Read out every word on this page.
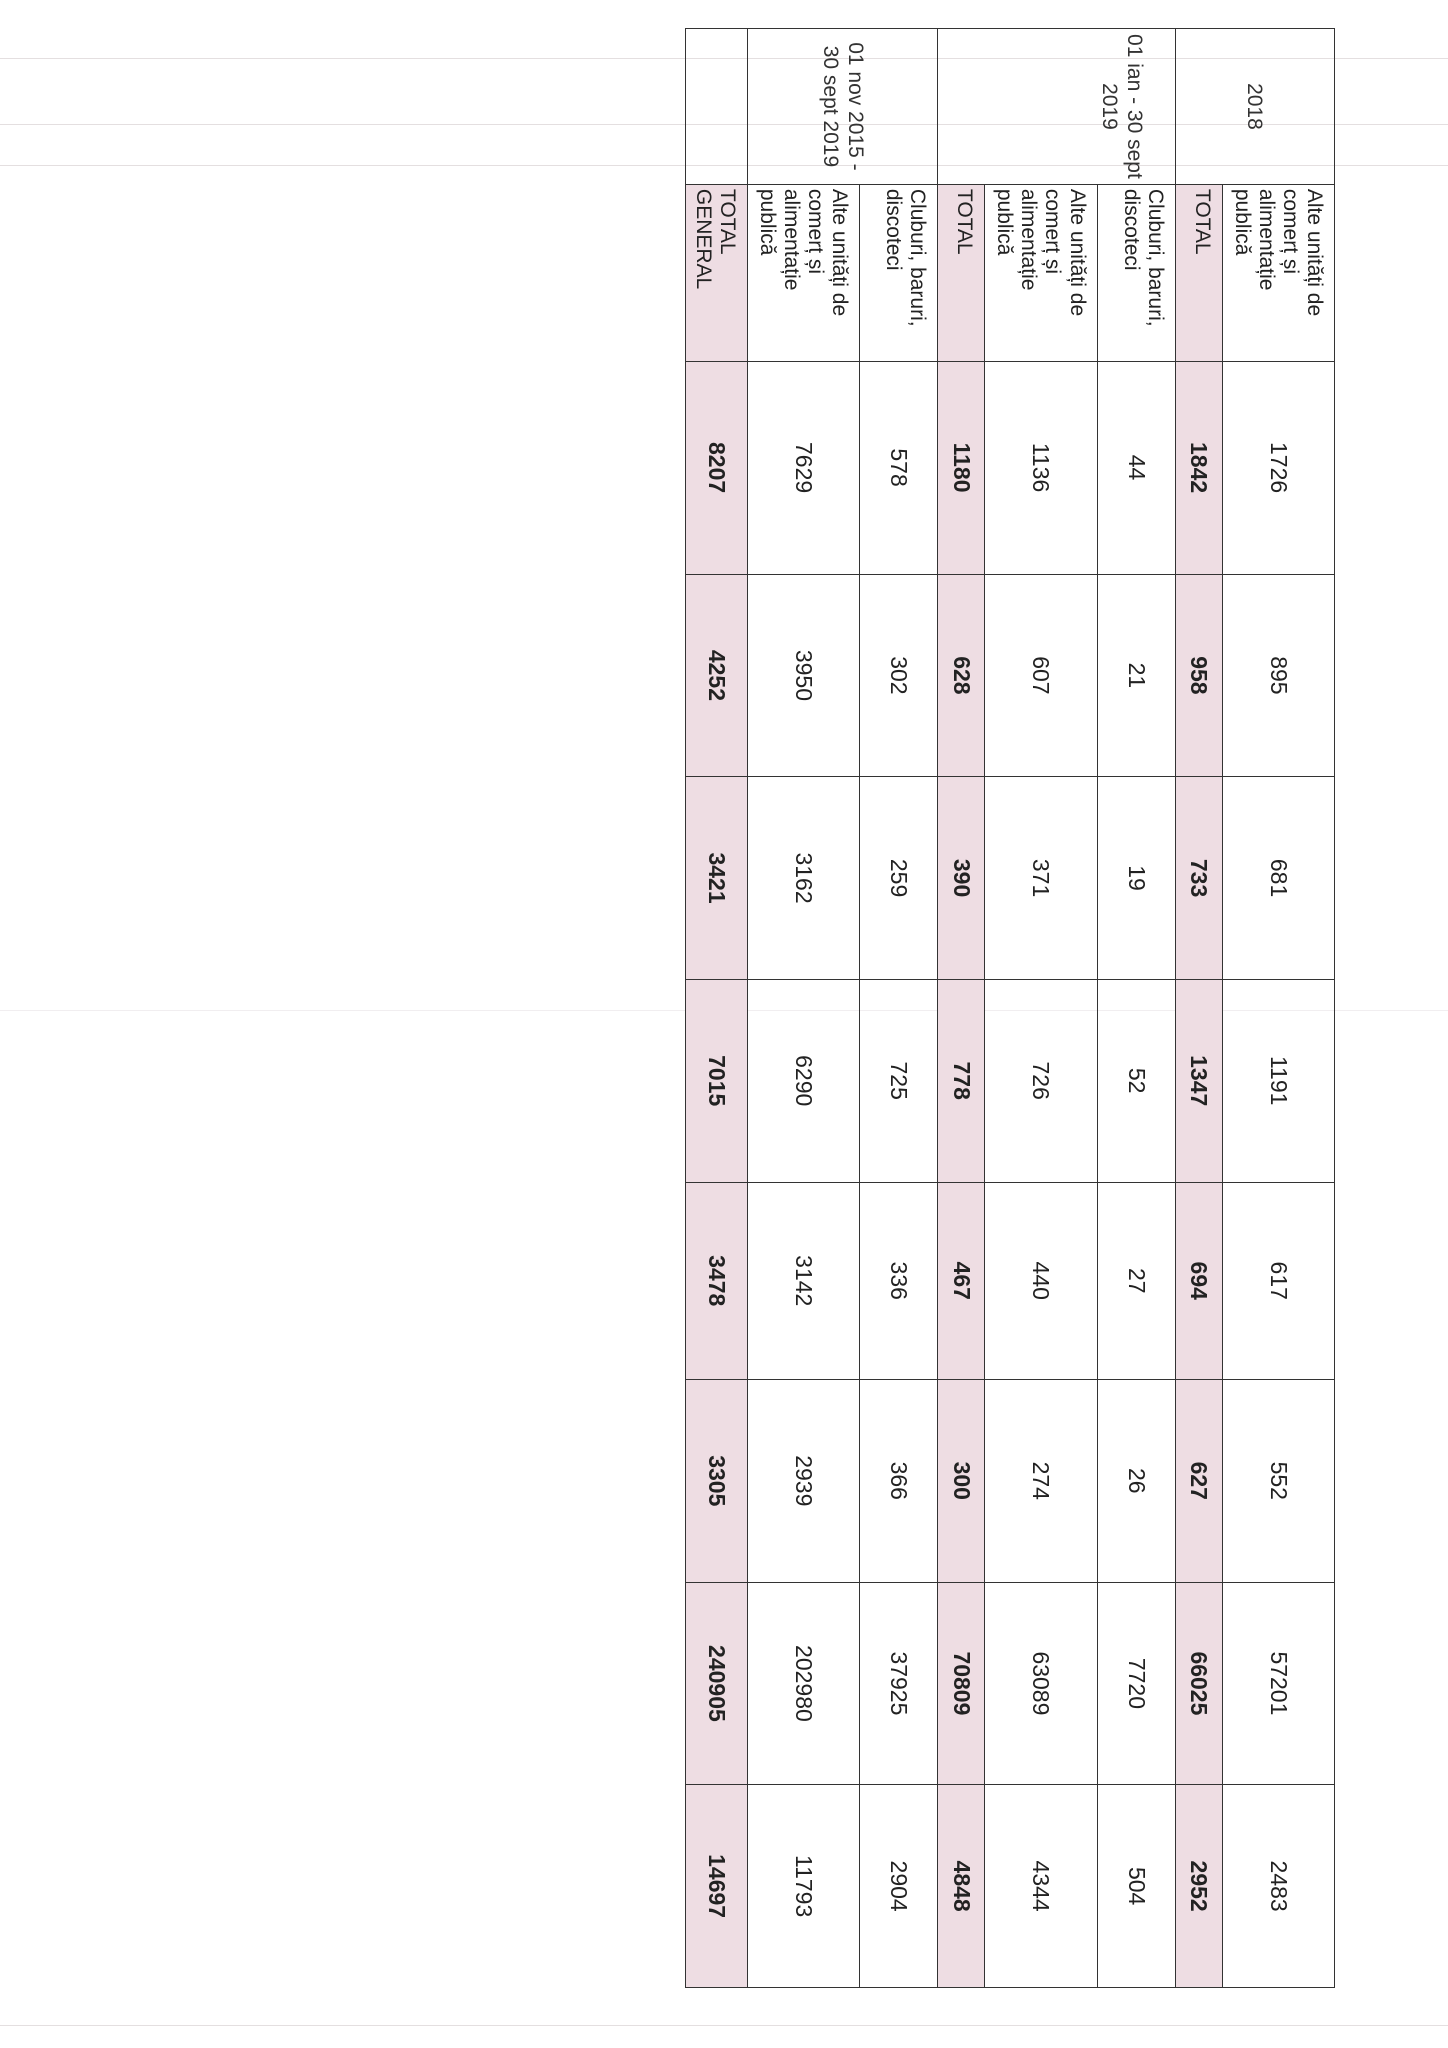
2018	Alte unități de comerț și alimentație publică	1726	895	681	1191	617	552	57201	2483
	TOTAL	1842	958	733	1347	694	627	66025	2952
01 ian - 30 sept 2019	Cluburi, baruri, discoteci	44	21	19	52	27	26	7720	504
	Alte unități de comerț și alimentație publică	1136	607	371	726	440	274	63089	4344
	TOTAL	1180	628	390	778	467	300	70809	4848
01 nov 2015 - 30 sept 2019	Cluburi, baruri, discoteci	578	302	259	725	336	366	37925	2904
	Alte unități de comerț și alimentație publică	7629	3950	3162	6290	3142	2939	202980	11793
	TOTAL GENERAL	8207	4252	3421	7015	3478	3305	240905	14697
